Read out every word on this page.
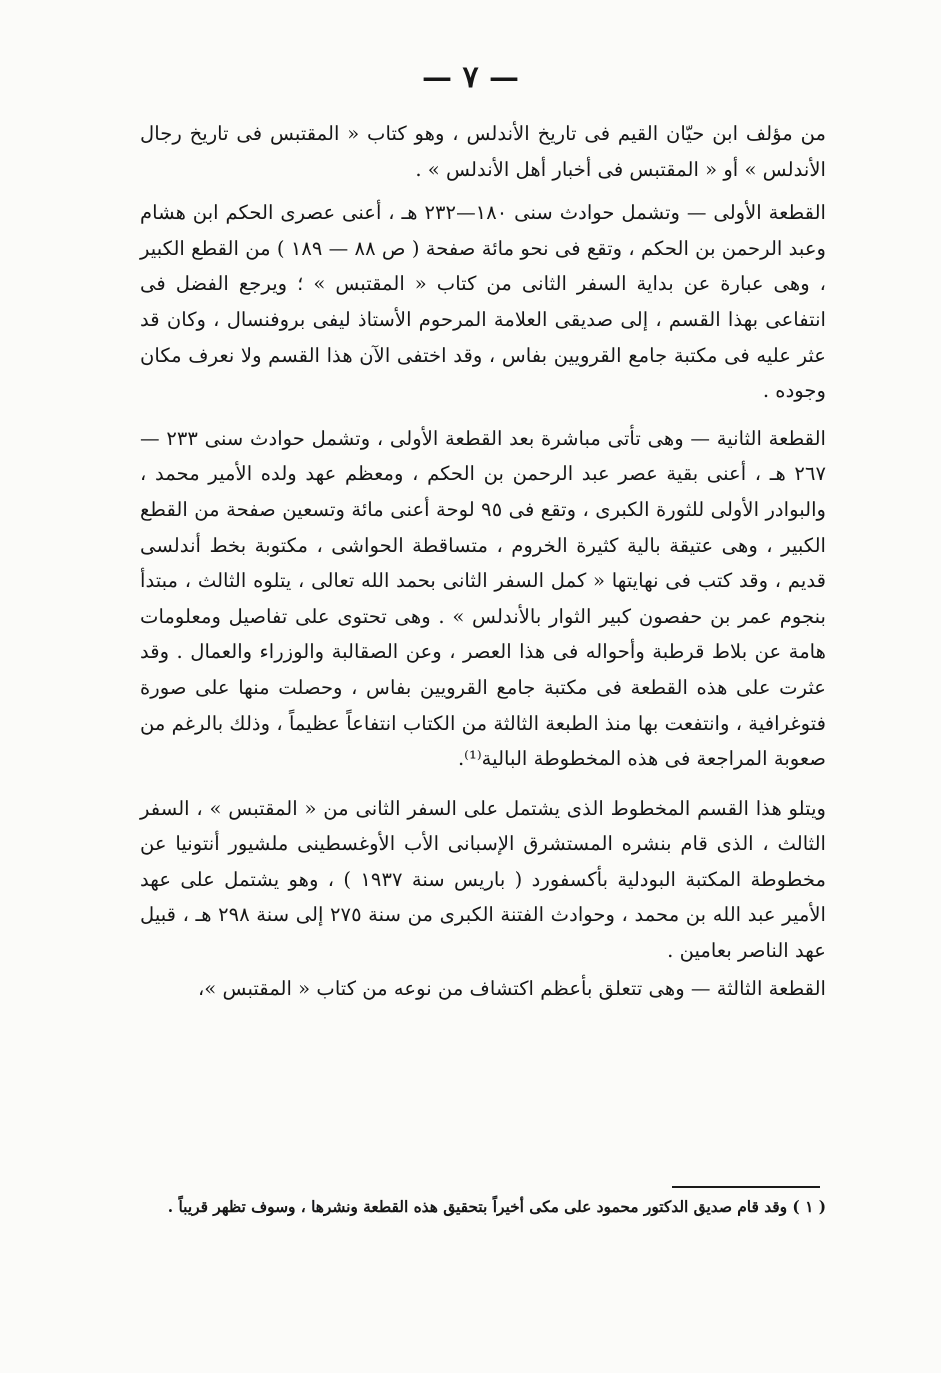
— ٧ —

من مؤلف ابن حيّان القيم فى تاريخ الأندلس ، وهو كتاب « المقتبس فى تاريخ رجال الأندلس » أو « المقتبس فى أخبار أهل الأندلس » .

القطعة الأولى — وتشمل حوادث سنى ١٨٠—٢٣٢ هـ ، أعنى عصرى الحكم ابن هشام وعبد الرحمن بن الحكم ، وتقع فى نحو مائة صفحة ( ص ٨٨ — ١٨٩ ) من القطع الكبير ، وهى عبارة عن بداية السفر الثانى من كتاب « المقتبس » ؛ ويرجع الفضل فى انتفاعى بهذا القسم ، إلى صديقى العلامة المرحوم الأستاذ ليفى بروفنسال ، وكان قد عثر عليه فى مكتبة جامع القرويين بفاس ، وقد اختفى الآن هذا القسم ولا نعرف مكان وجوده .

القطعة الثانية — وهى تأتى مباشرة بعد القطعة الأولى ، وتشمل حوادث سنى ٢٣٣ — ٢٦٧ هـ ، أعنى بقية عصر عبد الرحمن بن الحكم ، ومعظم عهد ولده الأمير محمد ، والبوادر الأولى للثورة الكبرى ، وتقع فى ٩٥ لوحة أعنى مائة وتسعين صفحة من القطع الكبير ، وهى عتيقة بالية كثيرة الخروم ، متساقطة الحواشى ، مكتوبة بخط أندلسى قديم ، وقد كتب فى نهايتها « كمل السفر الثانى بحمد الله تعالى ، يتلوه الثالث ، مبتدأ بنجوم عمر بن حفصون كبير الثوار بالأندلس » . وهى تحتوى على تفاصيل ومعلومات هامة عن بلاط قرطبة وأحواله فى هذا العصر ، وعن الصقالبة والوزراء والعمال . وقد عثرت على هذه القطعة فى مكتبة جامع القرويين بفاس ، وحصلت منها على صورة فتوغرافية ، وانتفعت بها منذ الطبعة الثالثة من الكتاب انتفاعاً عظيماً ، وذلك بالرغم من صعوبة المراجعة فى هذه المخطوطة البالية⁽¹⁾.

ويتلو هذا القسم المخطوط الذى يشتمل على السفر الثانى من « المقتبس » ، السفر الثالث ، الذى قام بنشره المستشرق الإسبانى الأب الأوغسطينى ملشيور أنتونيا عن مخطوطة المكتبة البودلية بأكسفورد ( باريس سنة ١٩٣٧ ) ، وهو يشتمل على عهد الأمير عبد الله بن محمد ، وحوادث الفتنة الكبرى من سنة ٢٧٥ إلى سنة ٢٩٨ هـ ، قبيل عهد الناصر بعامين .

القطعة الثالثة — وهى تتعلق بأعظم اكتشاف من نوعه من كتاب « المقتبس »،

( ١ ) وقد قام صديق الدكتور محمود على مكى أخيراً بتحقيق هذه القطعة ونشرها ، وسوف تظهر قريباً .
